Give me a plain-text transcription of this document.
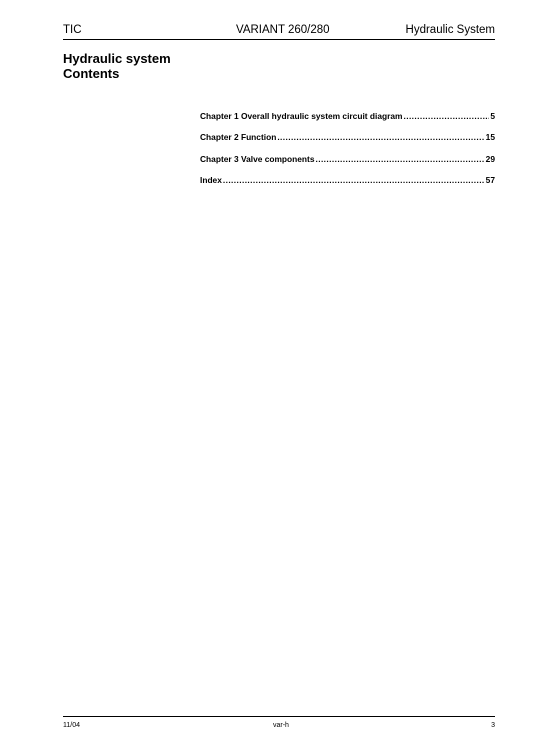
TIC	VARIANT 260/280	Hydraulic System
Hydraulic system
Contents
Chapter 1 Overall hydraulic system circuit diagram .....	5
Chapter 2 Function .....	15
Chapter 3 Valve components .....	29
Index .....	57
11/04	var-h	3
